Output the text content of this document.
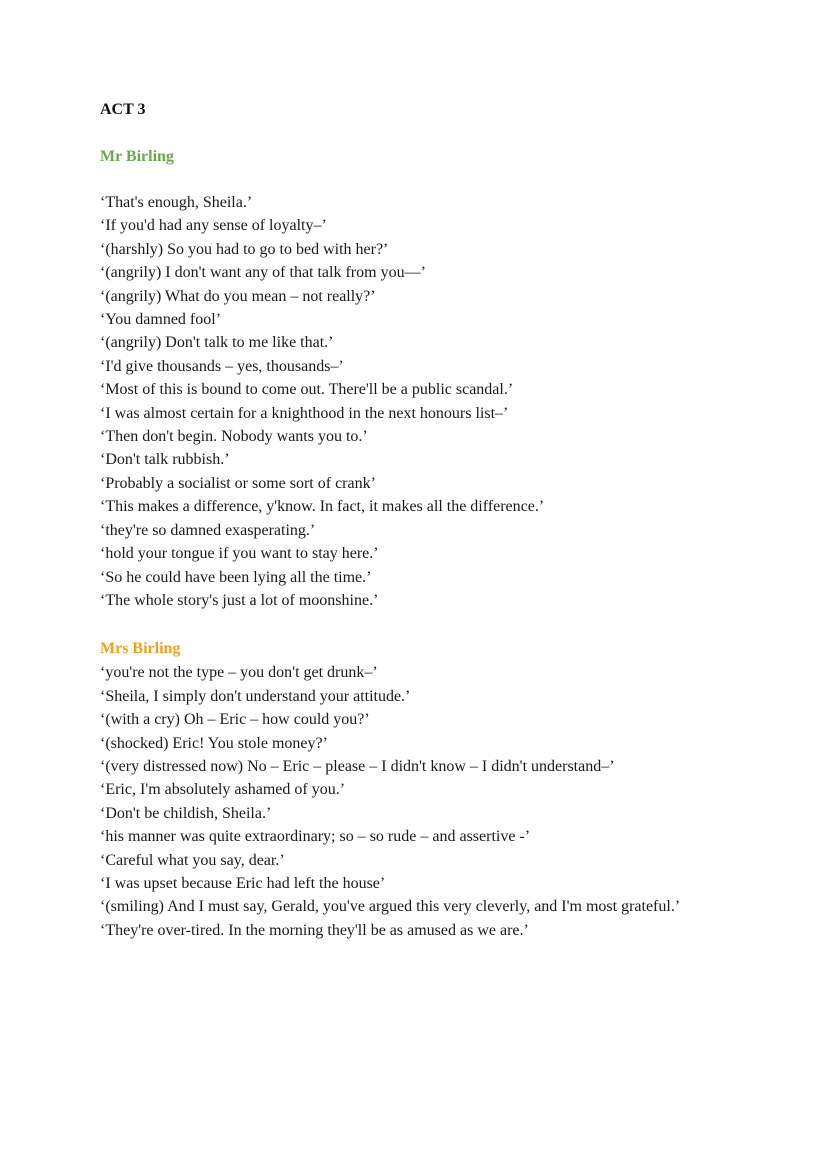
ACT 3
Mr Birling
‘That's enough, Sheila.’
‘If you'd had any sense of loyalty–’
‘(harshly) So you had to go to bed with her?’
‘(angrily) I don't want any of that talk from you––’
‘(angrily) What do you mean – not really?’
‘You damned fool’
‘(angrily) Don't talk to me like that.’
‘I'd give thousands – yes, thousands–’
‘Most of this is bound to come out. There'll be a public scandal.’
‘I was almost certain for a knighthood in the next honours list–’
‘Then don't begin. Nobody wants you to.’
‘Don't talk rubbish.’
‘Probably a socialist or some sort of crank’
‘This makes a difference, y'know. In fact, it makes all the difference.’
‘they're so damned exasperating.’
‘hold your tongue if you want to stay here.’
‘So he could have been lying all the time.’
‘The whole story's just a lot of moonshine.’
Mrs Birling
‘you're not the type – you don't get drunk–’
‘Sheila, I simply don't understand your attitude.’
‘(with a cry) Oh – Eric – how could you?’
‘(shocked) Eric! You stole money?’
‘(very distressed now) No – Eric – please – I didn't know – I didn't understand–’
‘Eric, I'm absolutely ashamed of you.’
‘Don't be childish, Sheila.’
‘his manner was quite extraordinary; so – so rude – and assertive -’
‘Careful what you say, dear.’
‘I was upset because Eric had left the house’
‘(smiling) And I must say, Gerald, you've argued this very cleverly, and I'm most grateful.’
‘They're over-tired. In the morning they'll be as amused as we are.’
